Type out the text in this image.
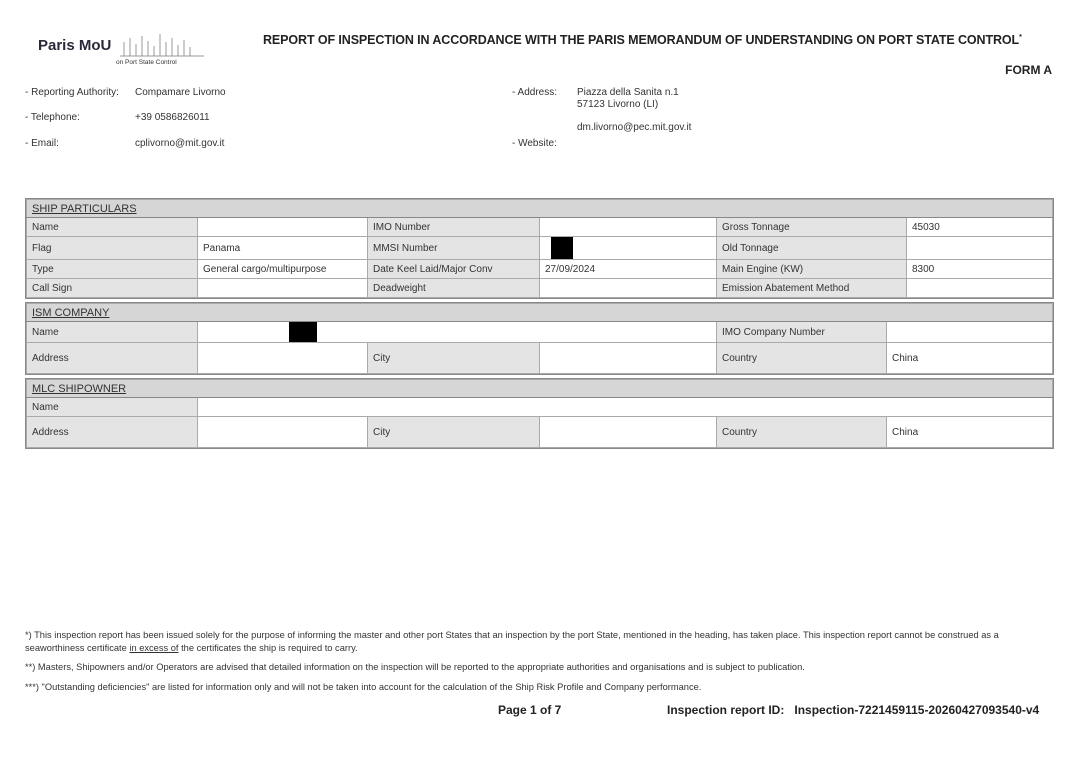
Paris MoU
on Port State Control
REPORT OF INSPECTION IN ACCORDANCE WITH THE PARIS MEMORANDUM OF UNDERSTANDING ON PORT STATE CONTROL*
FORM A
- Reporting Authority: Compamare Livorno
- Telephone:	+39 0586826011
- Email:	cplivorno@mit.gov.it
- Address: Piazza della Sanita n.1
57123 Livorno (LI)
dm.livorno@pec.mit.gov.it
- Website:
SHIP PARTICULARS					
Name		IMO Number		Gross Tonnage	45030
Flag	Panama	MMSI Number		Old Tonnage	
Type	General cargo/multipurpose	Date Keel Laid/Major Conv	27/09/2024	Main Engine (KW)	8300
Call Sign		Deadweight		Emission Abatement Method	
ISM COMPANY					
Name				IMO Company Number	
Address		City		Country	China
MLC SHIPOWNER					
Name					
Address		City		Country	China
*) This inspection report has been issued solely for the purpose of informing the master and other port States that an inspection by the port State, mentioned in the heading, has taken place. This inspection report cannot be construed as a seaworthiness certificate in excess of the certificates the ship is required to carry.
**) Masters, Shipowners and/or Operators are advised that detailed information on the inspection will be reported to the appropriate authorities and organisations and is subject to publication.
***) "Outstanding deficiencies" are listed for information only and will not be taken into account for the calculation of the Ship Risk Profile and Company performance.
Page 1 of 7	Inspection report ID: Inspection-7221459115-20260427093540-v4
